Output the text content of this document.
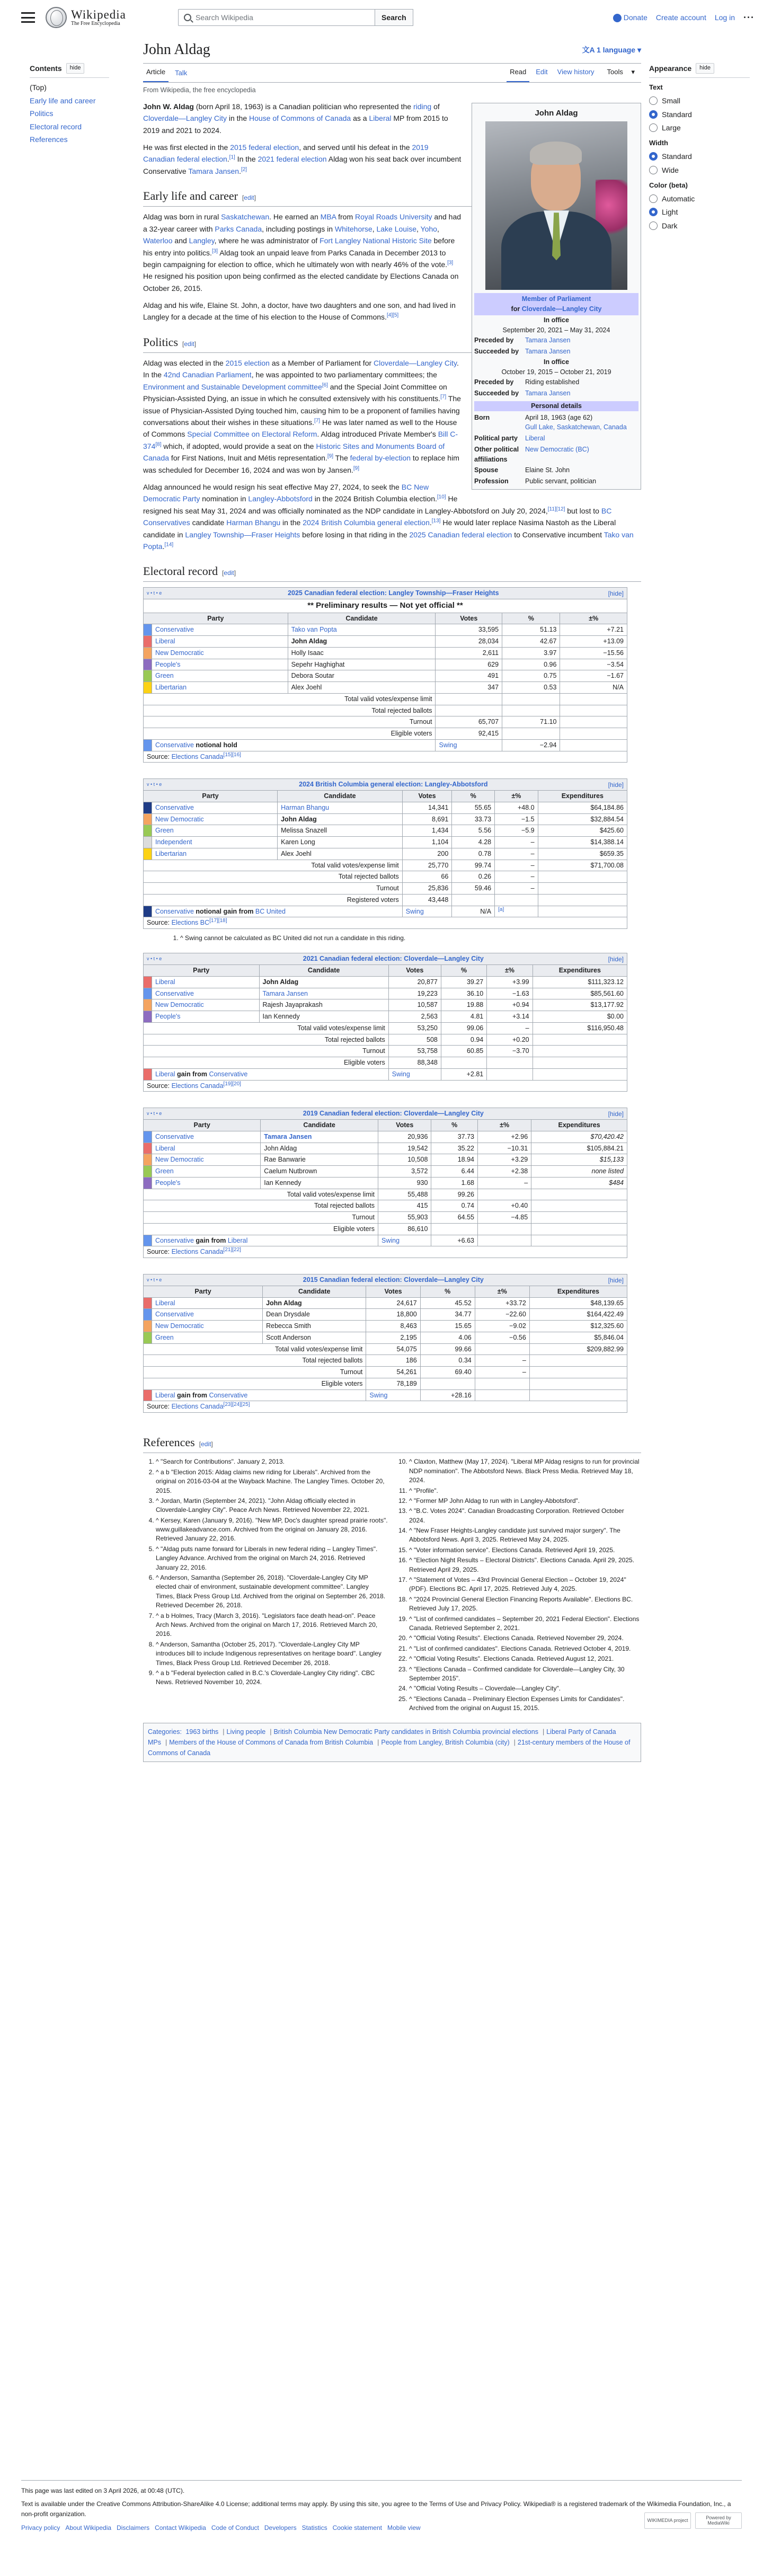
Wikipedia
The Free Encyclopedia
Search Wikipedia	Search	Donate Create account Log in ···
Contents	hide
(Top)
Early life and career
Politics
Electoral record
References
Appearance	hide
Text
Small
Standard
Large
Width
Standard
Wide
Color (beta)
Automatic
Light
Dark
John Aldag	文A 1 language ▾
Article	Talk	Read	Edit	View history	Tools ▾
From Wikipedia, the free encyclopedia
John Aldag
Member of Parliament
for Cloverdale—Langley City
In office
September 20, 2021 – May 31, 2024
Preceded by	Tamara Jansen
Succeeded by Tamara Jansen
In office
October 19, 2015 – October 21, 2019
Preceded by	Riding established
Succeeded by Tamara Jansen
Personal details
Born	April 18, 1963 (age 62)
Gull Lake, Saskatchewan, Canada
Political party	Liberal
Other political affiliations
New Democratic (BC)
Spouse	Elaine St. John
Profession	Public servant, politician

John W. Aldag (born April 18, 1963) is a Canadian politician who represented the riding of Cloverdale—Langley City in the House of Commons of Canada as a Liberal MP from 2015 to 2019 and 2021 to 2024.

He was first elected in the 2015 federal election, and served until his defeat in the 2019 Canadian federal election.[1] In the 2021 federal election Aldag won his seat back over incumbent Conservative Tamara Jansen.[2]

Early life and career [edit]

Aldag was born in rural Saskatchewan. He earned an MBA from Royal Roads University and had a 32-year career with Parks Canada, including postings in Whitehorse, Lake Louise, Yoho, Waterloo and Langley, where he was administrator of Fort Langley National Historic Site before his entry into politics.[3] Aldag took an unpaid leave from Parks Canada in December 2013 to begin campaigning for election to office, which he ultimately won with nearly 46% of the vote.[3] He resigned his position upon being confirmed as the elected candidate by Elections Canada on October 26, 2015.

Aldag and his wife, Elaine St. John, a doctor, have two daughters and one son, and had lived in Langley for a decade at the time of his election to the House of Commons.[4][5]

Politics [edit]

Aldag was elected in the 2015 election as a Member of Parliament for Cloverdale—Langley City. In the 42nd Canadian Parliament, he was appointed to two parliamentary committees; the Environment and Sustainable Development committee[6] and the Special Joint Committee on Physician-Assisted Dying, an issue in which he consulted extensively with his constituents.[7] The issue of Physician-Assisted Dying touched him, causing him to be a proponent of families having conversations about their wishes in these situations.[7] He was later named as well to the House of Commons Special Committee on Electoral Reform. Aldag introduced Private Member's Bill C-374[8] which, if adopted, would provide a seat on the Historic Sites and Monuments Board of Canada for First Nations, Inuit and Métis representation.[9] The federal by-election to replace him was scheduled for December 16, 2024 and was won by Jansen.[9]

Aldag announced he would resign his seat effective May 27, 2024, to seek the BC New Democratic Party nomination in Langley-Abbotsford in the 2024 British Columbia election.[10] He resigned his seat May 31, 2024 and was officially nominated as the NDP candidate in Langley-Abbotsford on July 20, 2024,[11][12] but lost to BC Conservatives candidate Harman Bhangu in the 2024 British Columbia general election.[13] He would later replace Nasima Nastoh as the Liberal candidate in Langley Township—Fraser Heights before losing in that riding in the 2025 Canadian federal election to Conservative incumbent Tako van Popta.[14]

Electoral record [edit]
v • t • e 2025 Canadian federal election: Langley Township—Fraser Heights [hide]					

** Preliminary results — Not yet official **					
Party		Candidate	Votes	%	±%
	Conservative	Tako van Popta	33,595	51.13	+7.21
	Liberal	John Aldag	28,034	42.67	+13.09
	New Democratic	Holly Isaac	2,611	3.97	−15.56
	People's	Sepehr Haghighat	629	0.96	−3.54
	Green	Debora Soutar	491	0.75	−1.67
	Libertarian	Alex Joehl	347	0.53	N/A
Total valid votes/expense limit					
Total rejected ballots					
Turnout			65,707	71.10	
Eligible voters			92,415		
	Conservative notional hold		Swing	−2.94	
Source: Elections Canada[15][16]
v • t • e 2024 British Columbia general election: Langley-Abbotsford [hide]						

Party		Candidate	Votes	%	±%	Expenditures
	Conservative	Harman Bhangu	14,341	55.65	+48.0	$64,184.86
	New Democratic	John Aldag	8,691	33.73	−1.5	$32,884.54
	Green	Melissa Snazell	1,434	5.56	−5.9	$425.60
	Independent	Karen Long	1,104	4.28	–	$14,388.14
	Libertarian	Alex Joehl	200	0.78	–	$659.35
Total valid votes/expense limit			25,770	99.74	–	$71,700.08
Total rejected ballots			66	0.26	–	
Turnout			25,836	59.46	–	
Registered voters			43,448			
	Conservative notional gain from BC United		Swing	N/A	[a]	
Source: Elections BC[17][18]
1. ^ Swing cannot be calculated as BC United did not run a candidate in this riding.
v • t • e 2021 Canadian federal election: Cloverdale—Langley City [hide]						

Party		Candidate	Votes	%	±%	Expenditures
	Liberal	John Aldag	20,877	39.27	+3.99	$111,323.12
	Conservative	Tamara Jansen	19,223	36.10	−1.63	$85,561.60
	New Democratic	Rajesh Jayaprakash	10,587	19.88	+0.94	$13,177.92
	People's	Ian Kennedy	2,563	4.81	+3.14	$0.00
Total valid votes/expense limit			53,250	99.06	–	$116,950.48
Total rejected ballots			508	0.94	+0.20	
Turnout			53,758	60.85	−3.70	
Eligible voters			88,348			
	Liberal gain from Conservative		Swing	+2.81		
Source: Elections Canada[19][20]
v • t • e 2019 Canadian federal election: Cloverdale—Langley City [hide]						

Party		Candidate	Votes	%	±%	Expenditures
	Conservative	Tamara Jansen	20,936	37.73	+2.96	$70,420.42
	Liberal	John Aldag	19,542	35.22	−10.31	$105,884.21
	New Democratic	Rae Banwarie	10,508	18.94	+3.29	$15,133
	Green	Caelum Nutbrown	3,572	6.44	+2.38	none listed
	People's	Ian Kennedy	930	1.68	–	$484
Total valid votes/expense limit			55,488	99.26		
Total rejected ballots			415	0.74	+0.40	
Turnout			55,903	64.55	−4.85	
Eligible voters			86,610			
	Conservative gain from Liberal		Swing	+6.63		
Source: Elections Canada[21][22]
v • t • e 2015 Canadian federal election: Cloverdale—Langley City [hide]						

Party		Candidate	Votes	%	±%	Expenditures
	Liberal	John Aldag	24,617	45.52	+33.72	$48,139.65
	Conservative	Dean Drysdale	18,800	34.77	−22.60	$164,422.49
	New Democratic	Rebecca Smith	8,463	15.65	−9.02	$12,325.60
	Green	Scott Anderson	2,195	4.06	−0.56	$5,846.04
Total valid votes/expense limit			54,075	99.66		$209,882.99
Total rejected ballots			186	0.34	–	
Turnout			54,261	69.40	–	
Eligible voters			78,189			
	Liberal gain from Conservative		Swing	+28.16		
Source: Elections Canada[23][24][25]
References [edit]
1. ^ "Search for Contributions". January 2, 2013.
2. ^ a b "Election 2015: Aldag claims new riding for Liberals". Archived from the original on 2016-03-04 at the Wayback Machine. The Langley Times. October 20, 2015.
3. ^ Jordan, Martin (September 24, 2021). "John Aldag officially elected in Cloverdale-Langley City". Peace Arch News. Retrieved November 22, 2021.
4. ^ Kersey, Karen (January 9, 2016). "New MP, Doc's daughter spread prairie roots". www.guillakeadvance.com. Archived from the original on January 28, 2016. Retrieved January 22, 2016.
5. ^ "Aldag puts name forward for Liberals in new federal riding – Langley Times". Langley Advance. Archived from the original on March 24, 2016. Retrieved January 22, 2016.
6. ^ Anderson, Samantha (September 26, 2018). "Cloverdale-Langley City MP elected chair of environment, sustainable development committee". Langley Times, Black Press Group Ltd. Archived from the original on September 26, 2018. Retrieved December 26, 2018.
7. ^ a b Holmes, Tracy (March 3, 2016). "Legislators face death head-on". Peace Arch News. Archived from the original on March 17, 2016. Retrieved March 20, 2016.
8. ^ Anderson, Samantha (October 25, 2017). "Cloverdale-Langley City MP introduces bill to include Indigenous representatives on heritage board". Langley Times, Black Press Group Ltd. Retrieved December 26, 2018.
9. ^ a b "Federal byelection called in B.C.'s Cloverdale-Langley City riding". CBC News. Retrieved November 10, 2024.
10. ^ Claxton, Matthew (May 17, 2024). "Liberal MP Aldag resigns to run for provincial NDP nomination". The Abbotsford News. Black Press Media. Retrieved May 18, 2024.
11. ^ "Profile".
12. ^ "Former MP John Aldag to run with in Langley-Abbotsford".
13. ^ "B.C. Votes 2024". Canadian Broadcasting Corporation. Retrieved October 2024.
14. ^ "New Fraser Heights-Langley candidate just survived major surgery". The Abbotsford News. April 3, 2025. Retrieved May 24, 2025.
15. ^ "Voter information service". Elections Canada. Retrieved April 19, 2025.
16. ^ "Election Night Results – Electoral Districts". Elections Canada. April 29, 2025. Retrieved April 29, 2025.
17. ^ "Statement of Votes – 43rd Provincial General Election – October 19, 2024" (PDF). Elections BC. April 17, 2025. Retrieved July 4, 2025.
18. ^ "2024 Provincial General Election Financing Reports Available". Elections BC. Retrieved July 17, 2025.
19. ^ "List of confirmed candidates – September 20, 2021 Federal Election". Elections Canada. Retrieved September 2, 2021.
20. ^ "Official Voting Results". Elections Canada. Retrieved November 29, 2024.
21. ^ "List of confirmed candidates". Elections Canada. Retrieved October 4, 2019.
22. ^ "Official Voting Results". Elections Canada. Retrieved August 12, 2021.
23. ^ "Elections Canada – Confirmed candidate for Cloverdale—Langley City, 30 September 2015".
24. ^ "Official Voting Results – Cloverdale—Langley City".
25. ^ "Elections Canada – Preliminary Election Expenses Limits for Candidates". Archived from the original on August 15, 2015.
Categories: 1963 births | Living people | British Columbia New Democratic Party candidates in British Columbia provincial elections | Liberal Party of Canada MPs | Members of the House of Commons of Canada from British Columbia | People from Langley, British Columbia (city) | 21st-century members of the House of Commons of Canada
This page was last edited on 3 April 2026, at 00:48 (UTC).
Text is available under the Creative Commons Attribution-ShareAlike 4.0 License; additional terms may apply. By using this site, you agree to the Terms of Use and Privacy Policy. Wikipedia® is a registered trademark of the Wikimedia Foundation, Inc., a non-profit organization.
Privacy policy About Wikipedia Disclaimers Contact Wikipedia Code of Conduct Developers Statistics Cookie statement Mobile view
WIKIMEDIA project	Powered by MediaWiki
